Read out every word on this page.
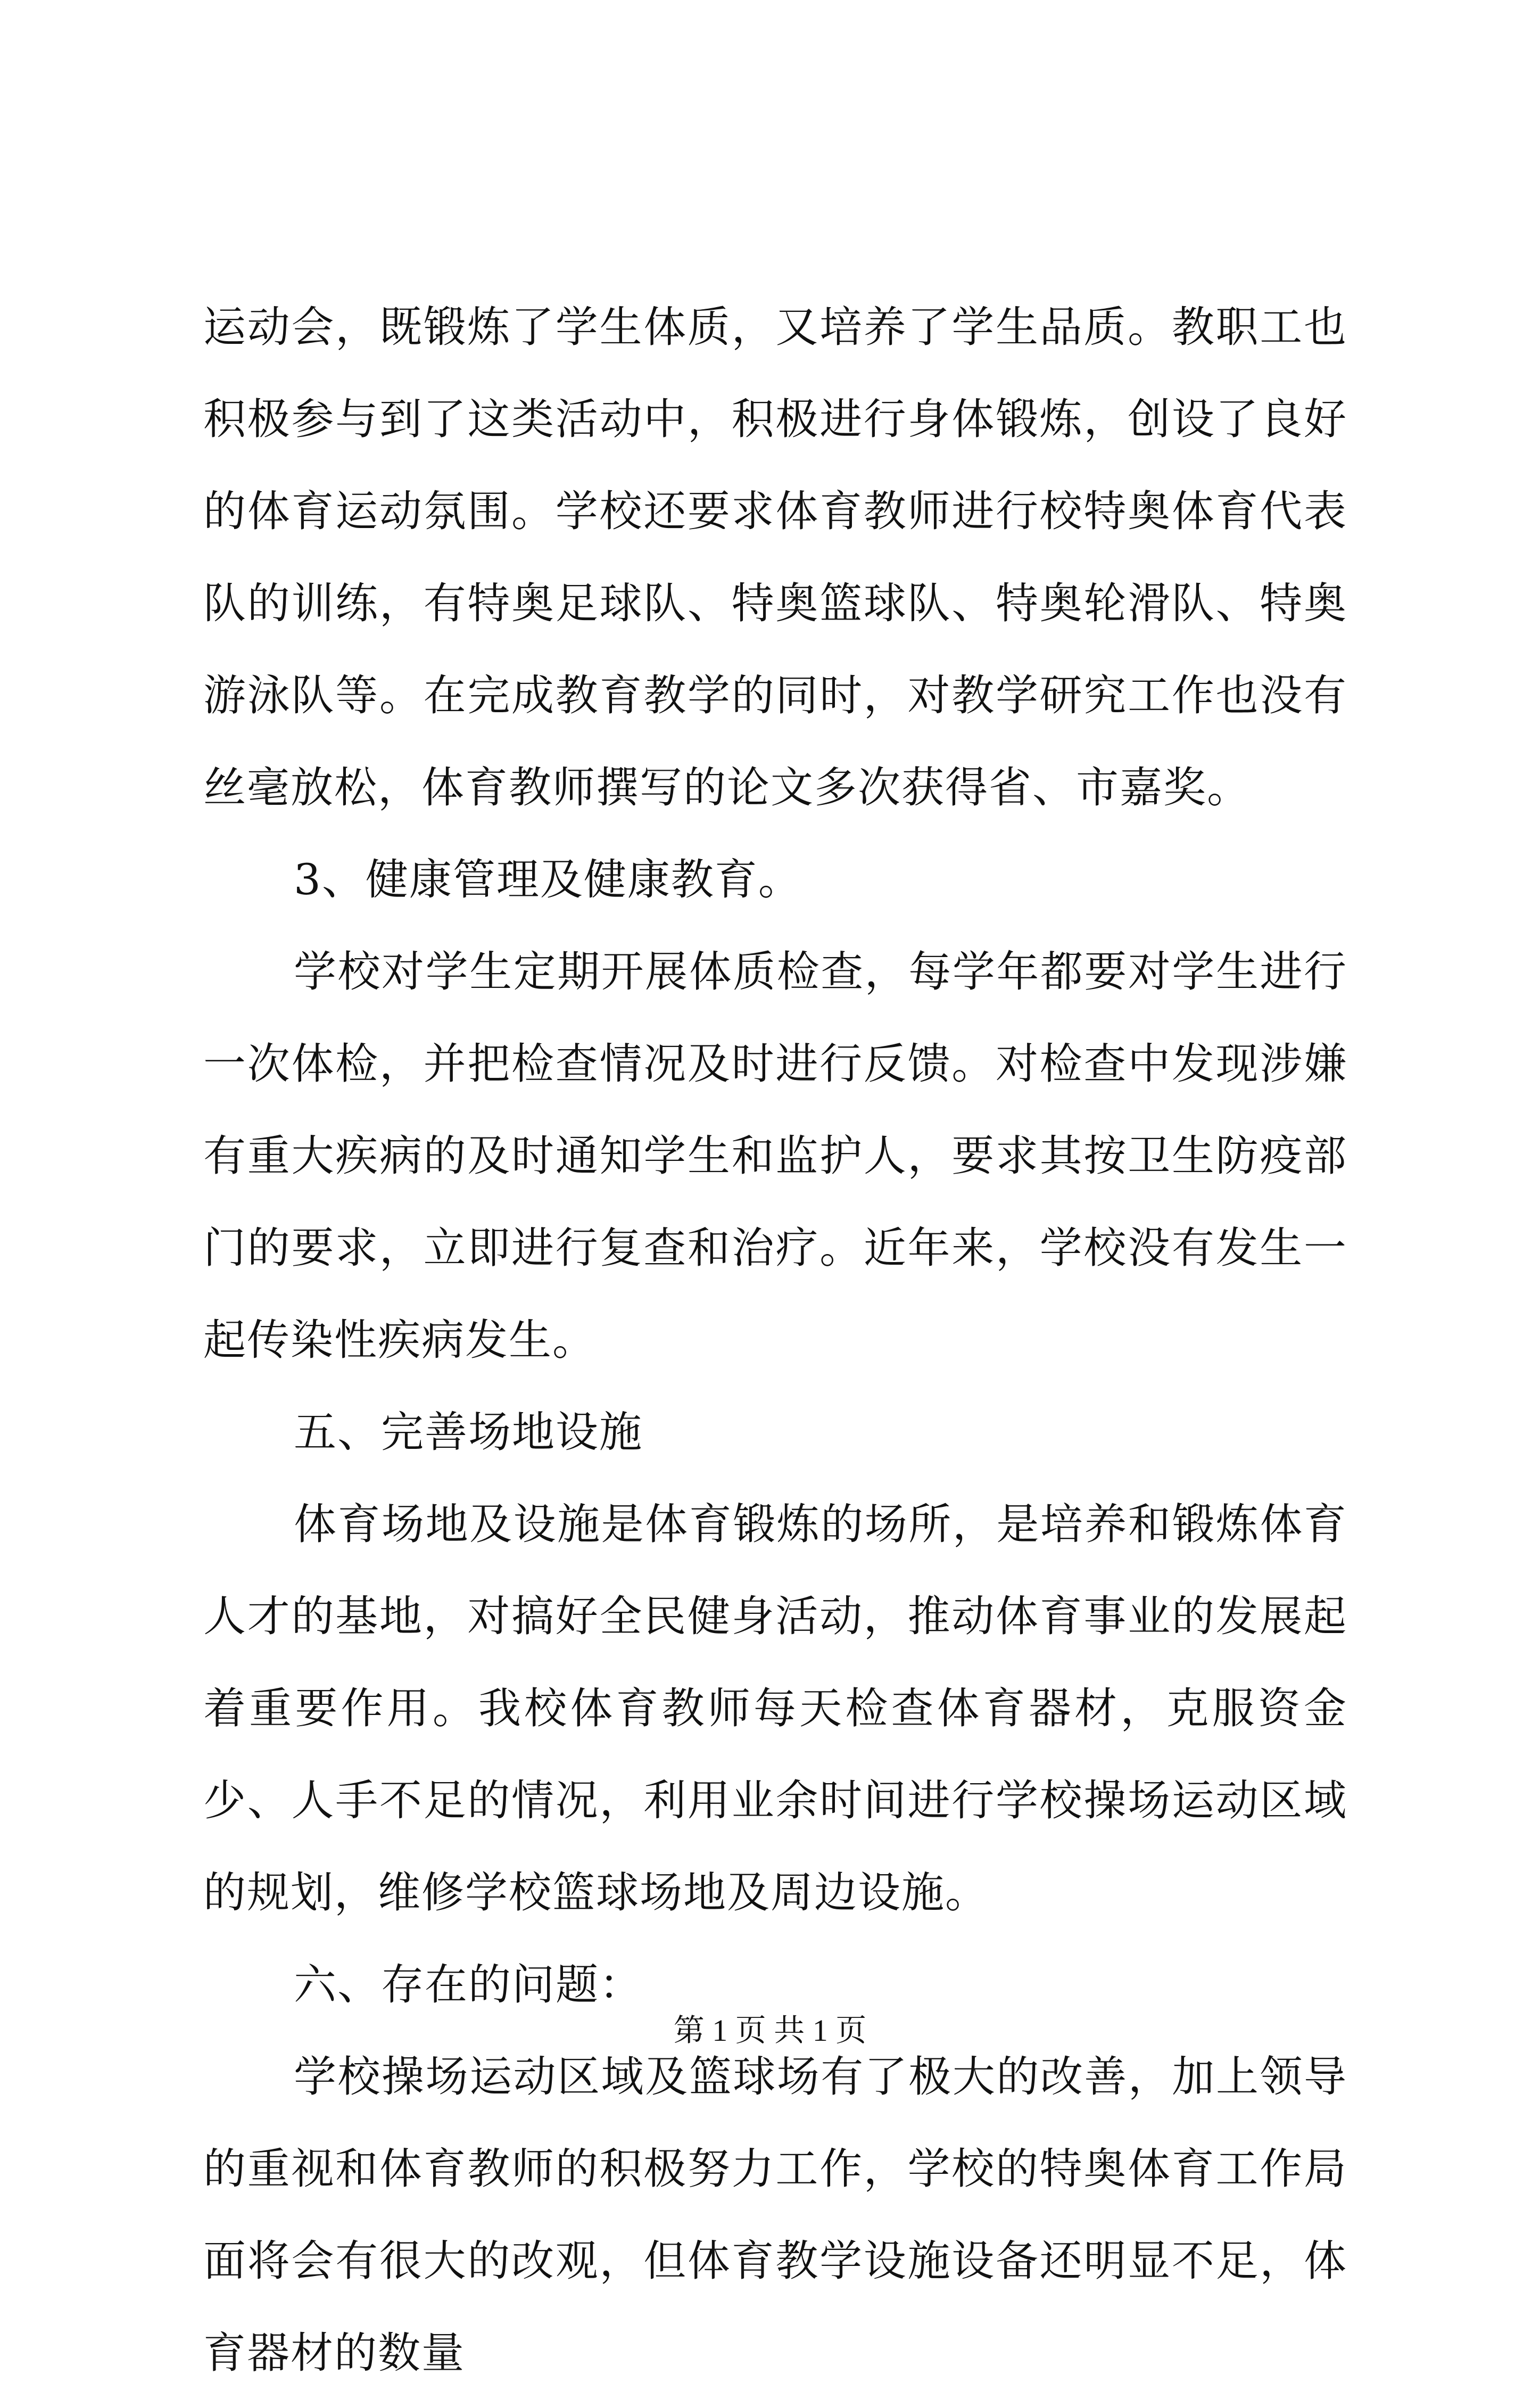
运动会，既锻炼了学生体质，又培养了学生品质。教职工也积极参与到了这类活动中，积极进行身体锻炼，创设了良好的体育运动氛围。学校还要求体育教师进行校特奥体育代表队的训练，有特奥足球队、特奥篮球队、特奥轮滑队、特奥游泳队等。在完成教育教学的同时，对教学研究工作也没有丝毫放松，体育教师撰写的论文多次获得省、市嘉奖。

3、健康管理及健康教育。

学校对学生定期开展体质检查，每学年都要对学生进行一次体检，并把检查情况及时进行反馈。对检查中发现涉嫌有重大疾病的及时通知学生和监护人，要求其按卫生防疫部门的要求，立即进行复查和治疗。近年来，学校没有发生一起传染性疾病发生。

五、完善场地设施

体育场地及设施是体育锻炼的场所，是培养和锻炼体育人才的基地，对搞好全民健身活动，推动体育事业的发展起着重要作用。我校体育教师每天检查体育器材，克服资金少、人手不足的情况，利用业余时间进行学校操场运动区域的规划，维修学校篮球场地及周边设施。

六、存在的问题：

学校操场运动区域及篮球场有了极大的改善，加上领导的重视和体育教师的积极努力工作，学校的特奥体育工作局面将会有很大的改观，但体育教学设施设备还明显不足，体育器材的数量

第 1 页 共 1 页
